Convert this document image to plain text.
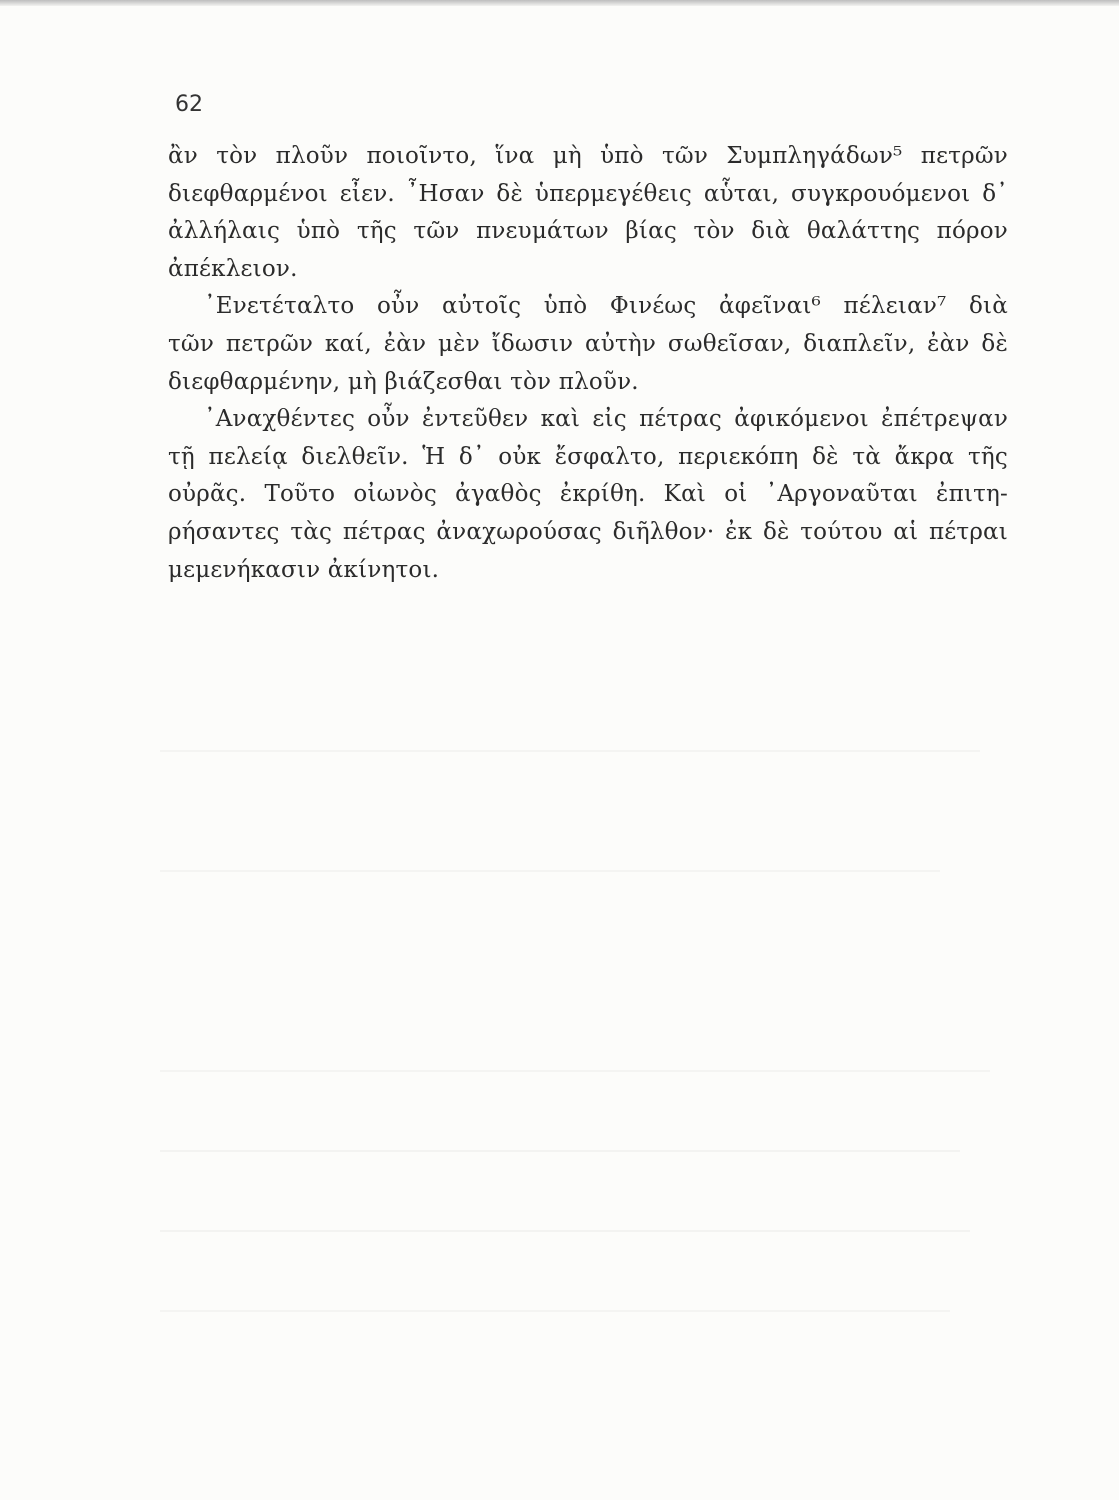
62
ἂν τὸν πλοῦν ποιοῖντο, ἵνα μὴ ὑπὸ τῶν Συμπληγάδων⁵ πετρῶν
διεφθαρμένοι εἶεν. ῏Ησαν δὲ ὑπερμεγέθεις αὗται, συγκρουόμενοι δ᾽
ἀλλήλαις ὑπὸ τῆς τῶν πνευμάτων βίας τὸν διὰ θαλάττης πόρον
ἀπέκλειον.
᾽Ενετέταλτο οὖν αὐτοῖς ὑπὸ Φινέως ἀφεῖναι⁶ πέλειαν⁷ διὰ
τῶν πετρῶν καί, ἐὰν μὲν ἴδωσιν αὐτὴν σωθεῖσαν, διαπλεῖν, ἐὰν δὲ
διεφθαρμένην, μὴ βιάζεσθαι τὸν πλοῦν.
᾽Αναχθέντες οὖν ἐντεῦθεν καὶ εἰς πέτρας ἀφικόμενοι ἐπέτρεψαν
τῇ πελείᾳ διελθεῖν. Ἡ δ᾽ οὐκ ἔσφαλτο, περιεκόπη δὲ τὰ ἄκρα τῆς
οὐρᾶς. Τοῦτο οἰωνὸς ἀγαθὸς ἐκρίθη. Καὶ οἱ ᾽Αργοναῦται ἐπιτη-
ρήσαντες τὰς πέτρας ἀναχωρούσας διῆλθον· ἐκ δὲ τούτου αἱ πέτραι
μεμενήκασιν ἀκίνητοι.
